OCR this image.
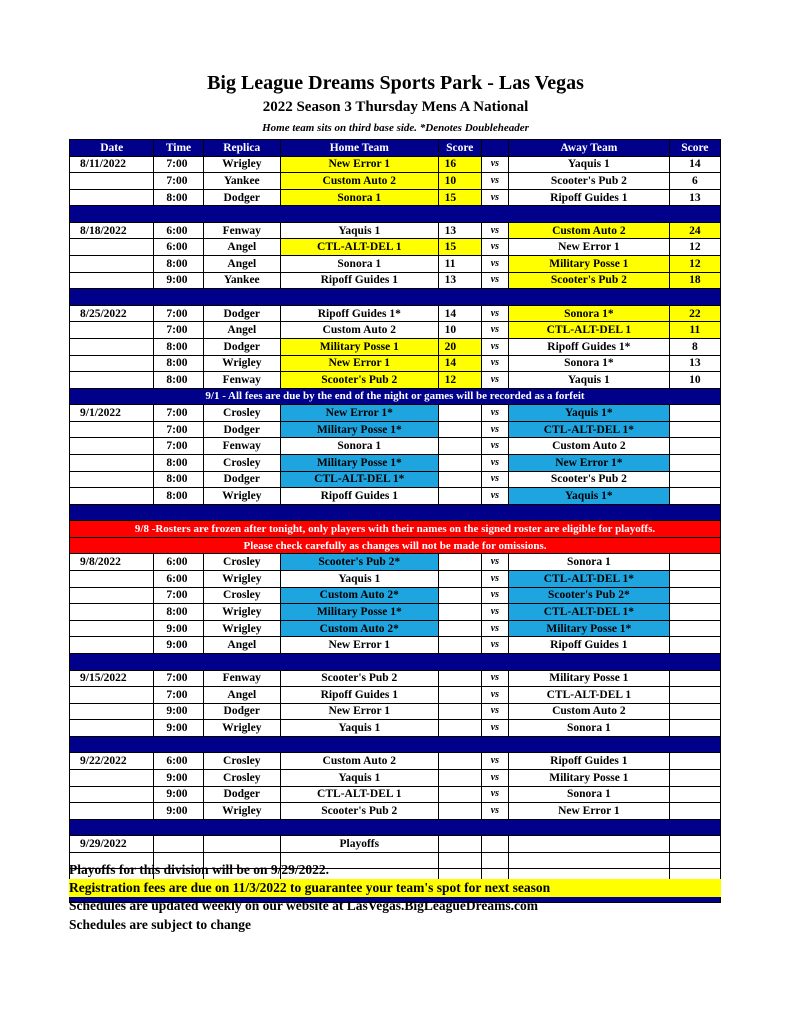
Big League Dreams Sports Park - Las Vegas
2022 Season 3 Thursday Mens A National
Home team sits on third base side. *Denotes Doubleheader
Date	Time	Replica	Home Team	Score		Away Team	Score
8/11/2022	7:00	Wrigley	New Error 1	16	vs	Yaquis 1	14
	7:00	Yankee	Custom Auto 2	10	vs	Scooter's Pub 2	6
	8:00	Dodger	Sonora 1	15	vs	Ripoff Guides 1	13

8/18/2022	6:00	Fenway	Yaquis 1	13	vs	Custom Auto 2	24
	6:00	Angel	CTL-ALT-DEL 1	15	vs	New Error 1	12
	8:00	Angel	Sonora 1	11	vs	Military Posse 1	12
	9:00	Yankee	Ripoff Guides 1	13	vs	Scooter's Pub 2	18

8/25/2022	7:00	Dodger	Ripoff Guides 1*	14	vs	Sonora 1*	22
	7:00	Angel	Custom Auto 2	10	vs	CTL-ALT-DEL 1	11
	8:00	Dodger	Military Posse 1	20	vs	Ripoff Guides 1*	8
	8:00	Wrigley	New Error 1	14	vs	Sonora 1*	13
	8:00	Fenway	Scooter's Pub 2	12	vs	Yaquis 1	10
9/1 - All fees are due by the end of the night or games will be recorded as a forfeit							
9/1/2022	7:00	Crosley	New Error 1*		vs	Yaquis 1*	
	7:00	Dodger	Military Posse 1*		vs	CTL-ALT-DEL 1*	
	7:00	Fenway	Sonora 1		vs	Custom Auto 2	
	8:00	Crosley	Military Posse 1*		vs	New Error 1*	
	8:00	Dodger	CTL-ALT-DEL 1*		vs	Scooter's Pub 2	
	8:00	Wrigley	Ripoff Guides 1		vs	Yaquis 1*	

9/8 -Rosters are frozen after tonight, only players with their names on the signed roster are eligible for playoffs.							
Please check carefully as changes will not be made for omissions.							
9/8/2022	6:00	Crosley	Scooter's Pub 2*		vs	Sonora 1	
	6:00	Wrigley	Yaquis 1		vs	CTL-ALT-DEL 1*	
	7:00	Crosley	Custom Auto 2*		vs	Scooter's Pub 2*	
	8:00	Wrigley	Military Posse 1*		vs	CTL-ALT-DEL 1*	
	9:00	Wrigley	Custom Auto 2*		vs	Military Posse 1*	
	9:00	Angel	New Error 1		vs	Ripoff Guides 1	

9/15/2022	7:00	Fenway	Scooter's Pub 2		vs	Military Posse 1	
	7:00	Angel	Ripoff Guides 1		vs	CTL-ALT-DEL 1	
	9:00	Dodger	New Error 1		vs	Custom Auto 2	
	9:00	Wrigley	Yaquis 1		vs	Sonora 1	

9/22/2022	6:00	Crosley	Custom Auto 2		vs	Ripoff Guides 1	
	9:00	Crosley	Yaquis 1		vs	Military Posse 1	
	9:00	Dodger	CTL-ALT-DEL 1		vs	Sonora 1	
	9:00	Wrigley	Scooter's Pub 2		vs	New Error 1	

9/29/2022			Playoffs				

Playoffs for this division will be on 9/29/2022.
Registration fees are due on 11/3/2022 to guarantee your team's spot for next season
Schedules are updated weekly on our website at LasVegas.BigLeagueDreams.com
Schedules are subject to change
